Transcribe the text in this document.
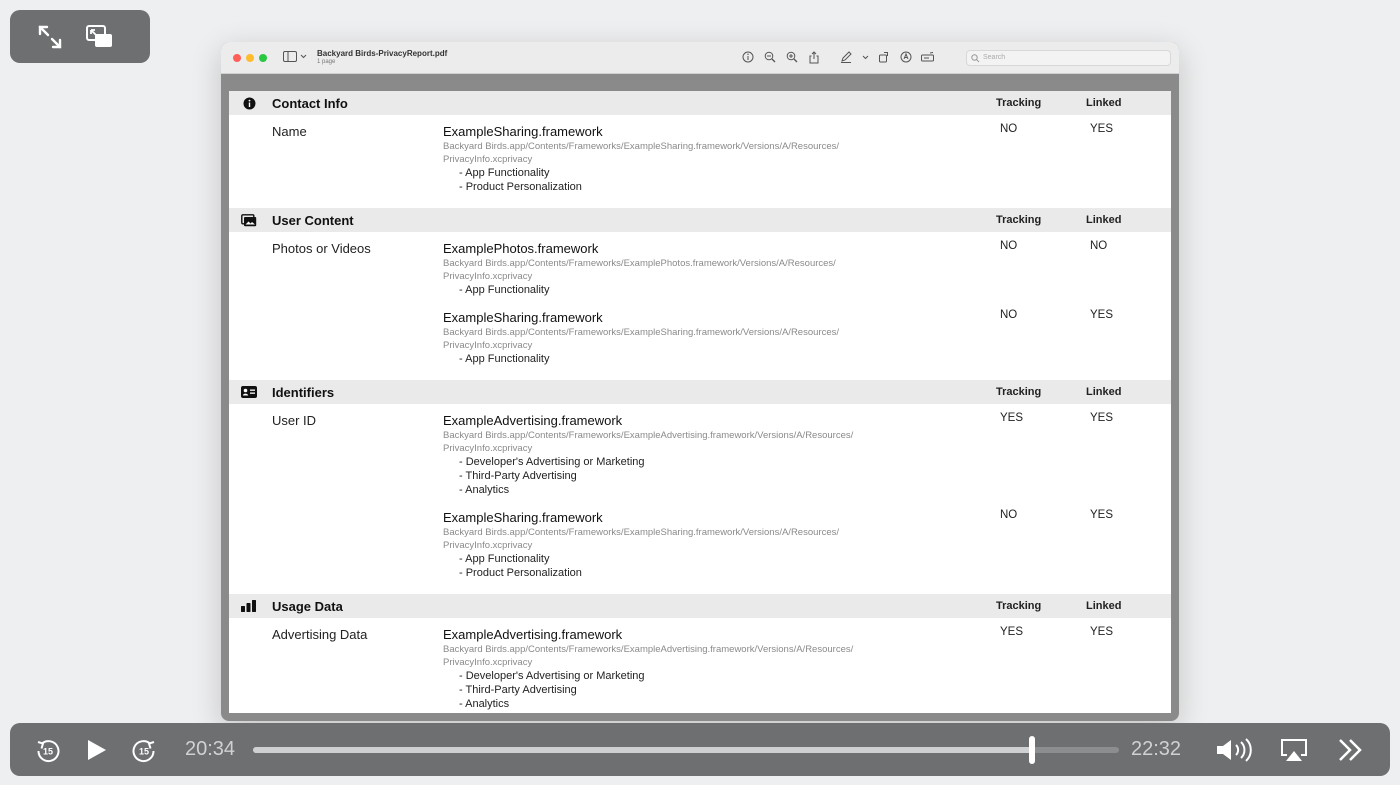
Backyard Birds-PrivacyReport.pdf
1 page
Search
Contact Info	Tracking	Linked
Name	ExampleSharing.framework
Backyard Birds.app/Contents/Frameworks/ExampleSharing.framework/Versions/A/Resources/
PrivacyInfo.xcprivacy
- App Functionality
- Product Personalization
NO	YES
User Content	Tracking	Linked
Photos or Videos	ExamplePhotos.framework
Backyard Birds.app/Contents/Frameworks/ExamplePhotos.framework/Versions/A/Resources/
PrivacyInfo.xcprivacy
- App Functionality
NO	NO
ExampleSharing.framework
Backyard Birds.app/Contents/Frameworks/ExampleSharing.framework/Versions/A/Resources/
PrivacyInfo.xcprivacy
- App Functionality
NO	YES
Identifiers	Tracking	Linked
User ID	ExampleAdvertising.framework
Backyard Birds.app/Contents/Frameworks/ExampleAdvertising.framework/Versions/A/Resources/
PrivacyInfo.xcprivacy
- Developer's Advertising or Marketing
- Third-Party Advertising
- Analytics
YES	YES
ExampleSharing.framework
Backyard Birds.app/Contents/Frameworks/ExampleSharing.framework/Versions/A/Resources/
PrivacyInfo.xcprivacy
- App Functionality
- Product Personalization
NO	YES
Usage Data	Tracking	Linked
Advertising Data	ExampleAdvertising.framework
Backyard Birds.app/Contents/Frameworks/ExampleAdvertising.framework/Versions/A/Resources/
PrivacyInfo.xcprivacy
- Developer's Advertising or Marketing
- Third-Party Advertising
- Analytics
YES	YES
15	15 20:34	22:32
